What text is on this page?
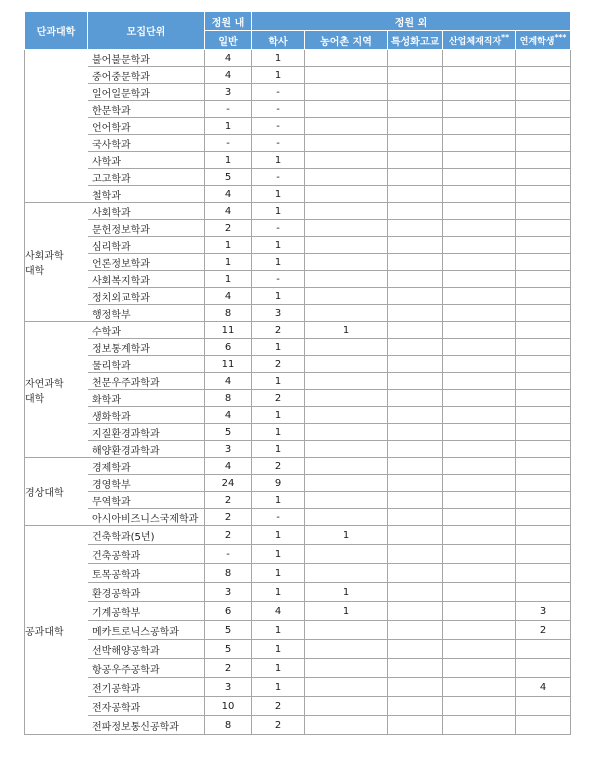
단과대학	모집단위	정원 내	정원 외				
		일반	학사	농어촌 지역	특성화고교	산업체재직자**	연계학생***
	불어불문학과	4	1				
	중어중문학과	4	1				
	일어일문학과	3	-				
	한문학과	-	-				
	언어학과	1	-				
	국사학과	-	-				
	사학과	1	1				
	고고학과	5	-				
	철학과	4	1				

사회과학
대학	사회학과	4	1				
	문헌정보학과	2	-				
	심리학과	1	1				
	언론정보학과	1	1				
	사회복지학과	1	-				
	정치외교학과	4	1				
	행정학부	8	3				

자연과학
대학	수학과	11	2	1			
	정보통계학과	6	1				
	물리학과	11	2				
	천문우주과학과	4	1				
	화학과	8	2				
	생화학과	4	1				
	지질환경과학과	5	1				
	해양환경과학과	3	1				

경상대학	경제학과	4	2				
	경영학부	24	9				
	무역학과	2	1				
	아시아비즈니스국제학과	2	-				

공과대학	건축학과(5년)	2	1	1			
	건축공학과	-	1				
	토목공학과	8	1				
	환경공학과	3	1	1			
	기계공학부	6	4	1			3
	메카트로닉스공학과	5	1				2
	선박해양공학과	5	1				
	항공우주공학과	2	1				
	전기공학과	3	1				4
	전자공학과	10	2				
	전파정보통신공학과	8	2				
